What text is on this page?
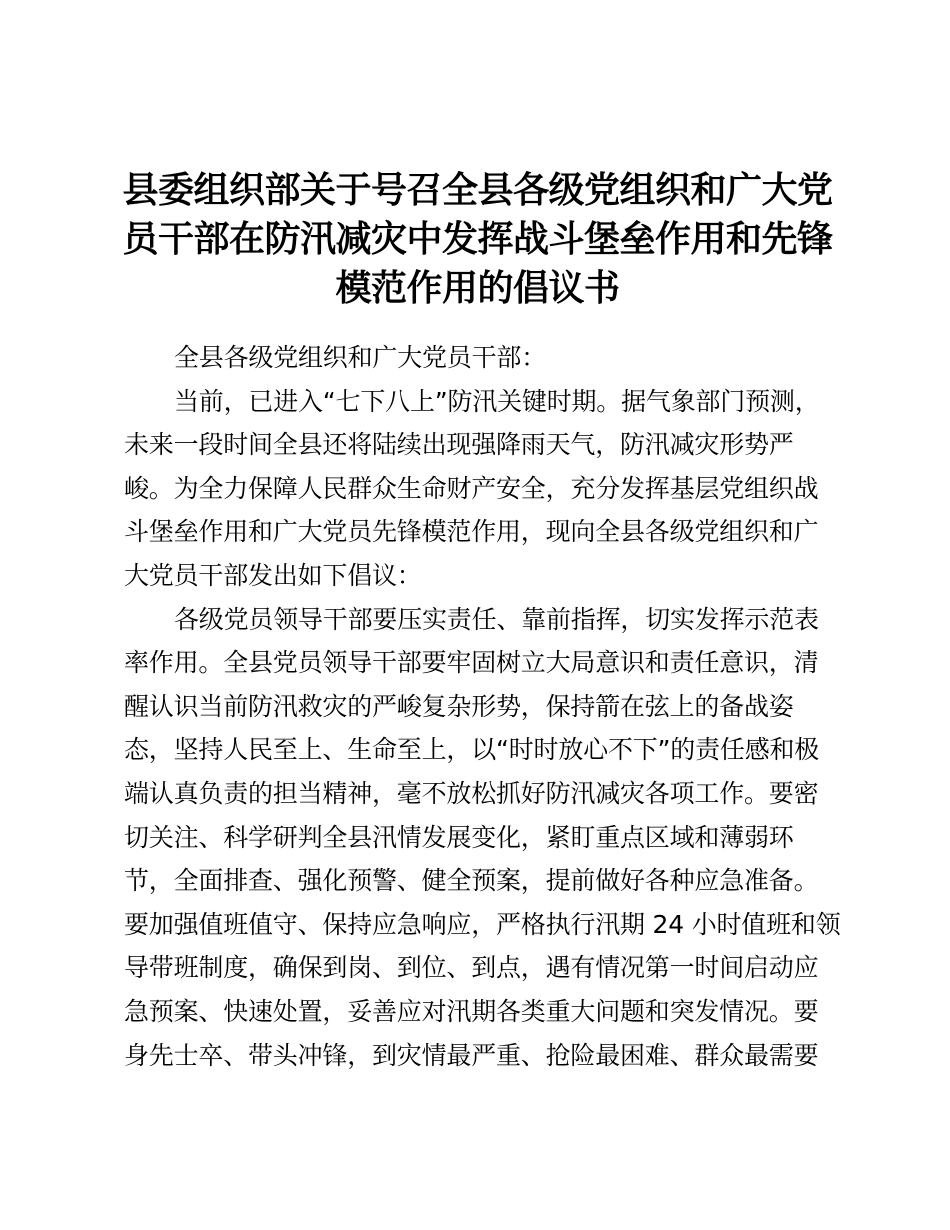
县委组织部关于号召全县各级党组织和广大党
员干部在防汛减灾中发挥战斗堡垒作用和先锋
模范作用的倡议书
全县各级党组织和广大党员干部：
当前，已进入“七下八上”防汛关键时期。据气象部门预测，
未来一段时间全县还将陆续出现强降雨天气，防汛减灾形势严
峻。为全力保障人民群众生命财产安全，充分发挥基层党组织战
斗堡垒作用和广大党员先锋模范作用，现向全县各级党组织和广
大党员干部发出如下倡议：
各级党员领导干部要压实责任、靠前指挥，切实发挥示范表
率作用。全县党员领导干部要牢固树立大局意识和责任意识，清
醒认识当前防汛救灾的严峻复杂形势，保持箭在弦上的备战姿
态，坚持人民至上、生命至上，以“时时放心不下”的责任感和极
端认真负责的担当精神，毫不放松抓好防汛减灾各项工作。要密
切关注、科学研判全县汛情发展变化，紧盯重点区域和薄弱环
节，全面排查、强化预警、健全预案，提前做好各种应急准备。
要加强值班值守、保持应急响应，严格执行汛期 24 小时值班和领
导带班制度，确保到岗、到位、到点，遇有情况第一时间启动应
急预案、快速处置，妥善应对汛期各类重大问题和突发情况。要
身先士卒、带头冲锋，到灾情最严重、抢险最困难、群众最需要
